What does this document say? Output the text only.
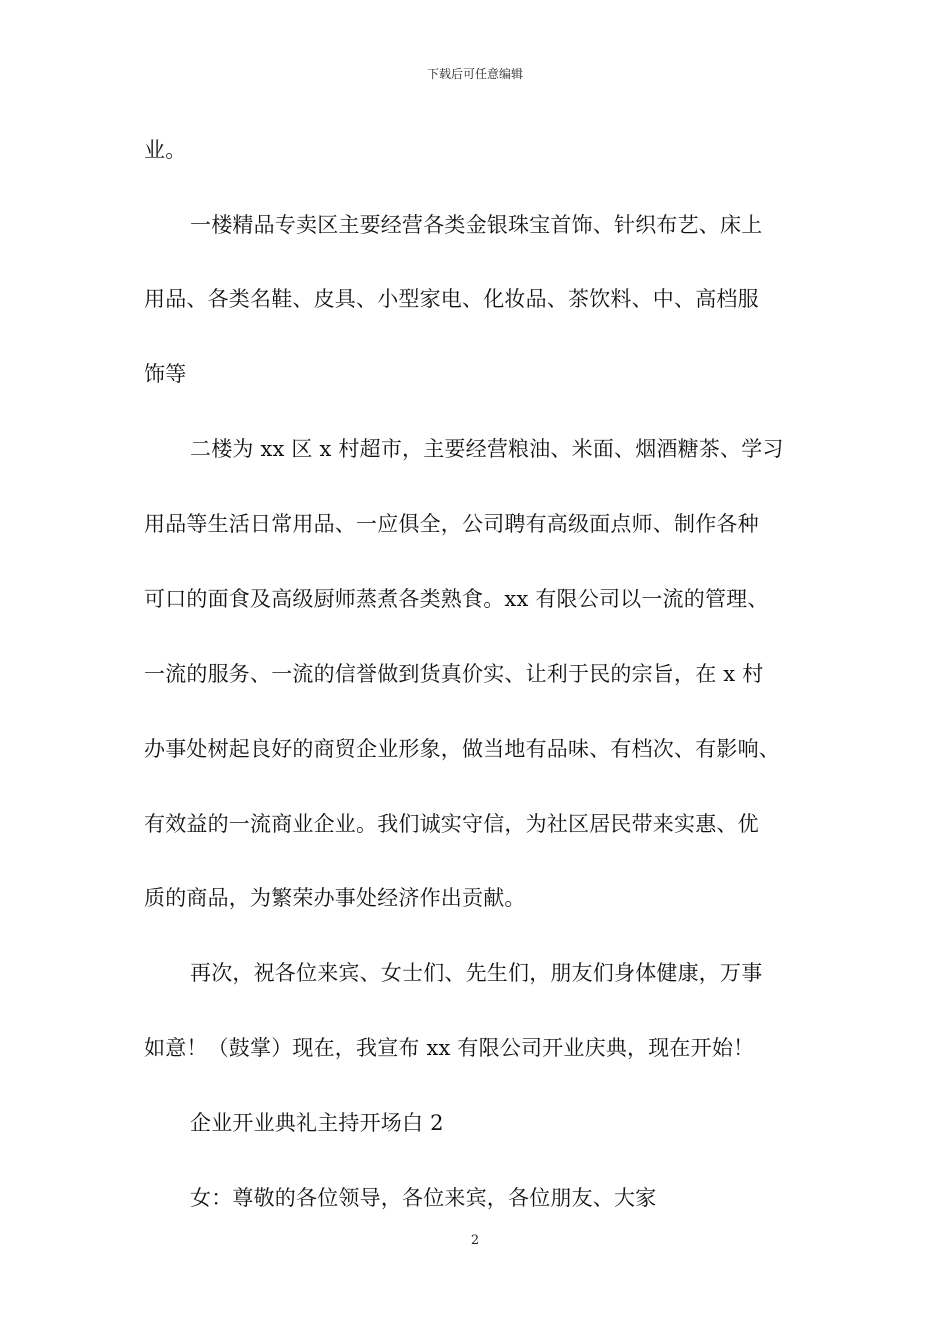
下载后可任意编辑
业。
一楼精品专卖区主要经营各类金银珠宝首饰、针织布艺、床上
用品、各类名鞋、皮具、小型家电、化妆品、茶饮料、中、高档服
饰等
二楼为 xx 区 x 村超市，主要经营粮油、米面、烟酒糖茶、学习
用品等生活日常用品、一应俱全，公司聘有高级面点师、制作各种
可口的面食及高级厨师蒸煮各类熟食。xx 有限公司以一流的管理、
一流的服务、一流的信誉做到货真价实、让利于民的宗旨，在 x 村
办事处树起良好的商贸企业形象，做当地有品味、有档次、有影响、
有效益的一流商业企业。我们诚实守信，为社区居民带来实惠、优
质的商品，为繁荣办事处经济作出贡献。
再次，祝各位来宾、女士们、先生们，朋友们身体健康，万事
如意！（鼓掌）现在，我宣布 xx 有限公司开业庆典，现在开始！
企业开业典礼主持开场白 2
女：尊敬的各位领导，各位来宾，各位朋友、大家
2
